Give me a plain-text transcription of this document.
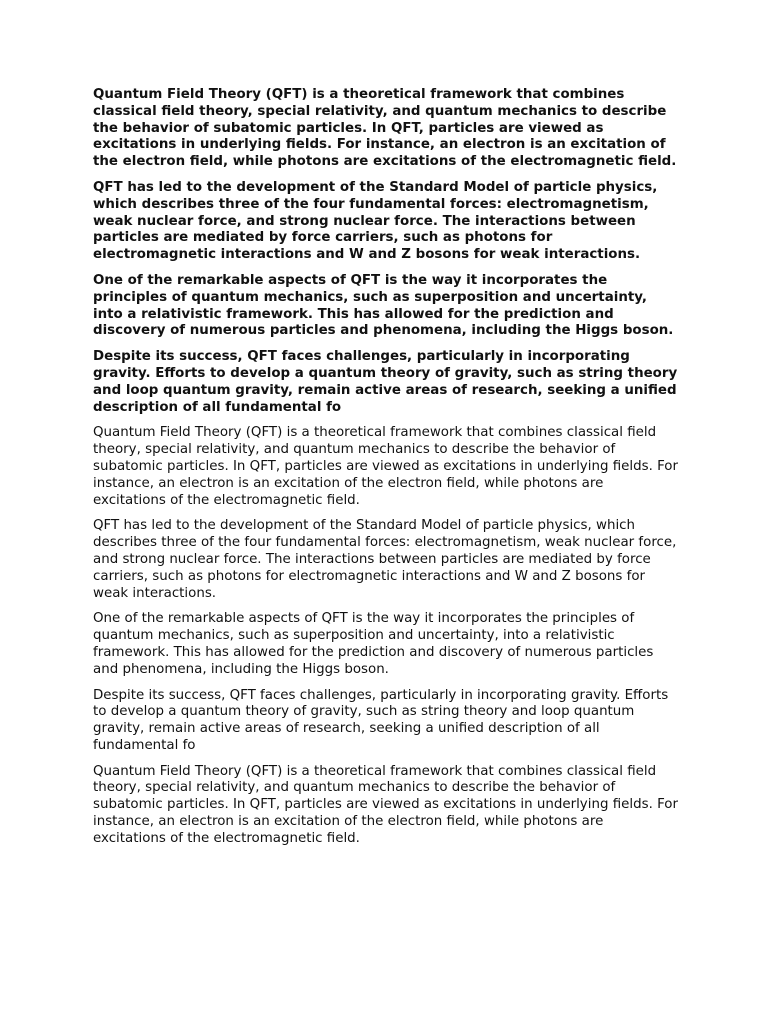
Quantum Field Theory (QFT) is a theoretical framework that combines classical field theory, special relativity, and quantum mechanics to describe the behavior of subatomic particles. In QFT, particles are viewed as excitations in underlying fields. For instance, an electron is an excitation of the electron field, while photons are excitations of the electromagnetic field.

QFT has led to the development of the Standard Model of particle physics, which describes three of the four fundamental forces: electromagnetism, weak nuclear force, and strong nuclear force. The interactions between particles are mediated by force carriers, such as photons for electromagnetic interactions and W and Z bosons for weak interactions.

One of the remarkable aspects of QFT is the way it incorporates the principles of quantum mechanics, such as superposition and uncertainty, into a relativistic framework. This has allowed for the prediction and discovery of numerous particles and phenomena, including the Higgs boson.

Despite its success, QFT faces challenges, particularly in incorporating gravity. Efforts to develop a quantum theory of gravity, such as string theory and loop quantum gravity, remain active areas of research, seeking a unified description of all fundamental fo

Quantum Field Theory (QFT) is a theoretical framework that combines classical field theory, special relativity, and quantum mechanics to describe the behavior of subatomic particles. In QFT, particles are viewed as excitations in underlying fields. For instance, an electron is an excitation of the electron field, while photons are excitations of the electromagnetic field.

QFT has led to the development of the Standard Model of particle physics, which describes three of the four fundamental forces: electromagnetism, weak nuclear force, and strong nuclear force. The interactions between particles are mediated by force carriers, such as photons for electromagnetic interactions and W and Z bosons for weak interactions.

One of the remarkable aspects of QFT is the way it incorporates the principles of quantum mechanics, such as superposition and uncertainty, into a relativistic framework. This has allowed for the prediction and discovery of numerous particles and phenomena, including the Higgs boson.

Despite its success, QFT faces challenges, particularly in incorporating gravity. Efforts to develop a quantum theory of gravity, such as string theory and loop quantum gravity, remain active areas of research, seeking a unified description of all fundamental fo

Quantum Field Theory (QFT) is a theoretical framework that combines classical field theory, special relativity, and quantum mechanics to describe the behavior of subatomic particles. In QFT, particles are viewed as excitations in underlying fields. For instance, an electron is an excitation of the electron field, while photons are excitations of the electromagnetic field.
